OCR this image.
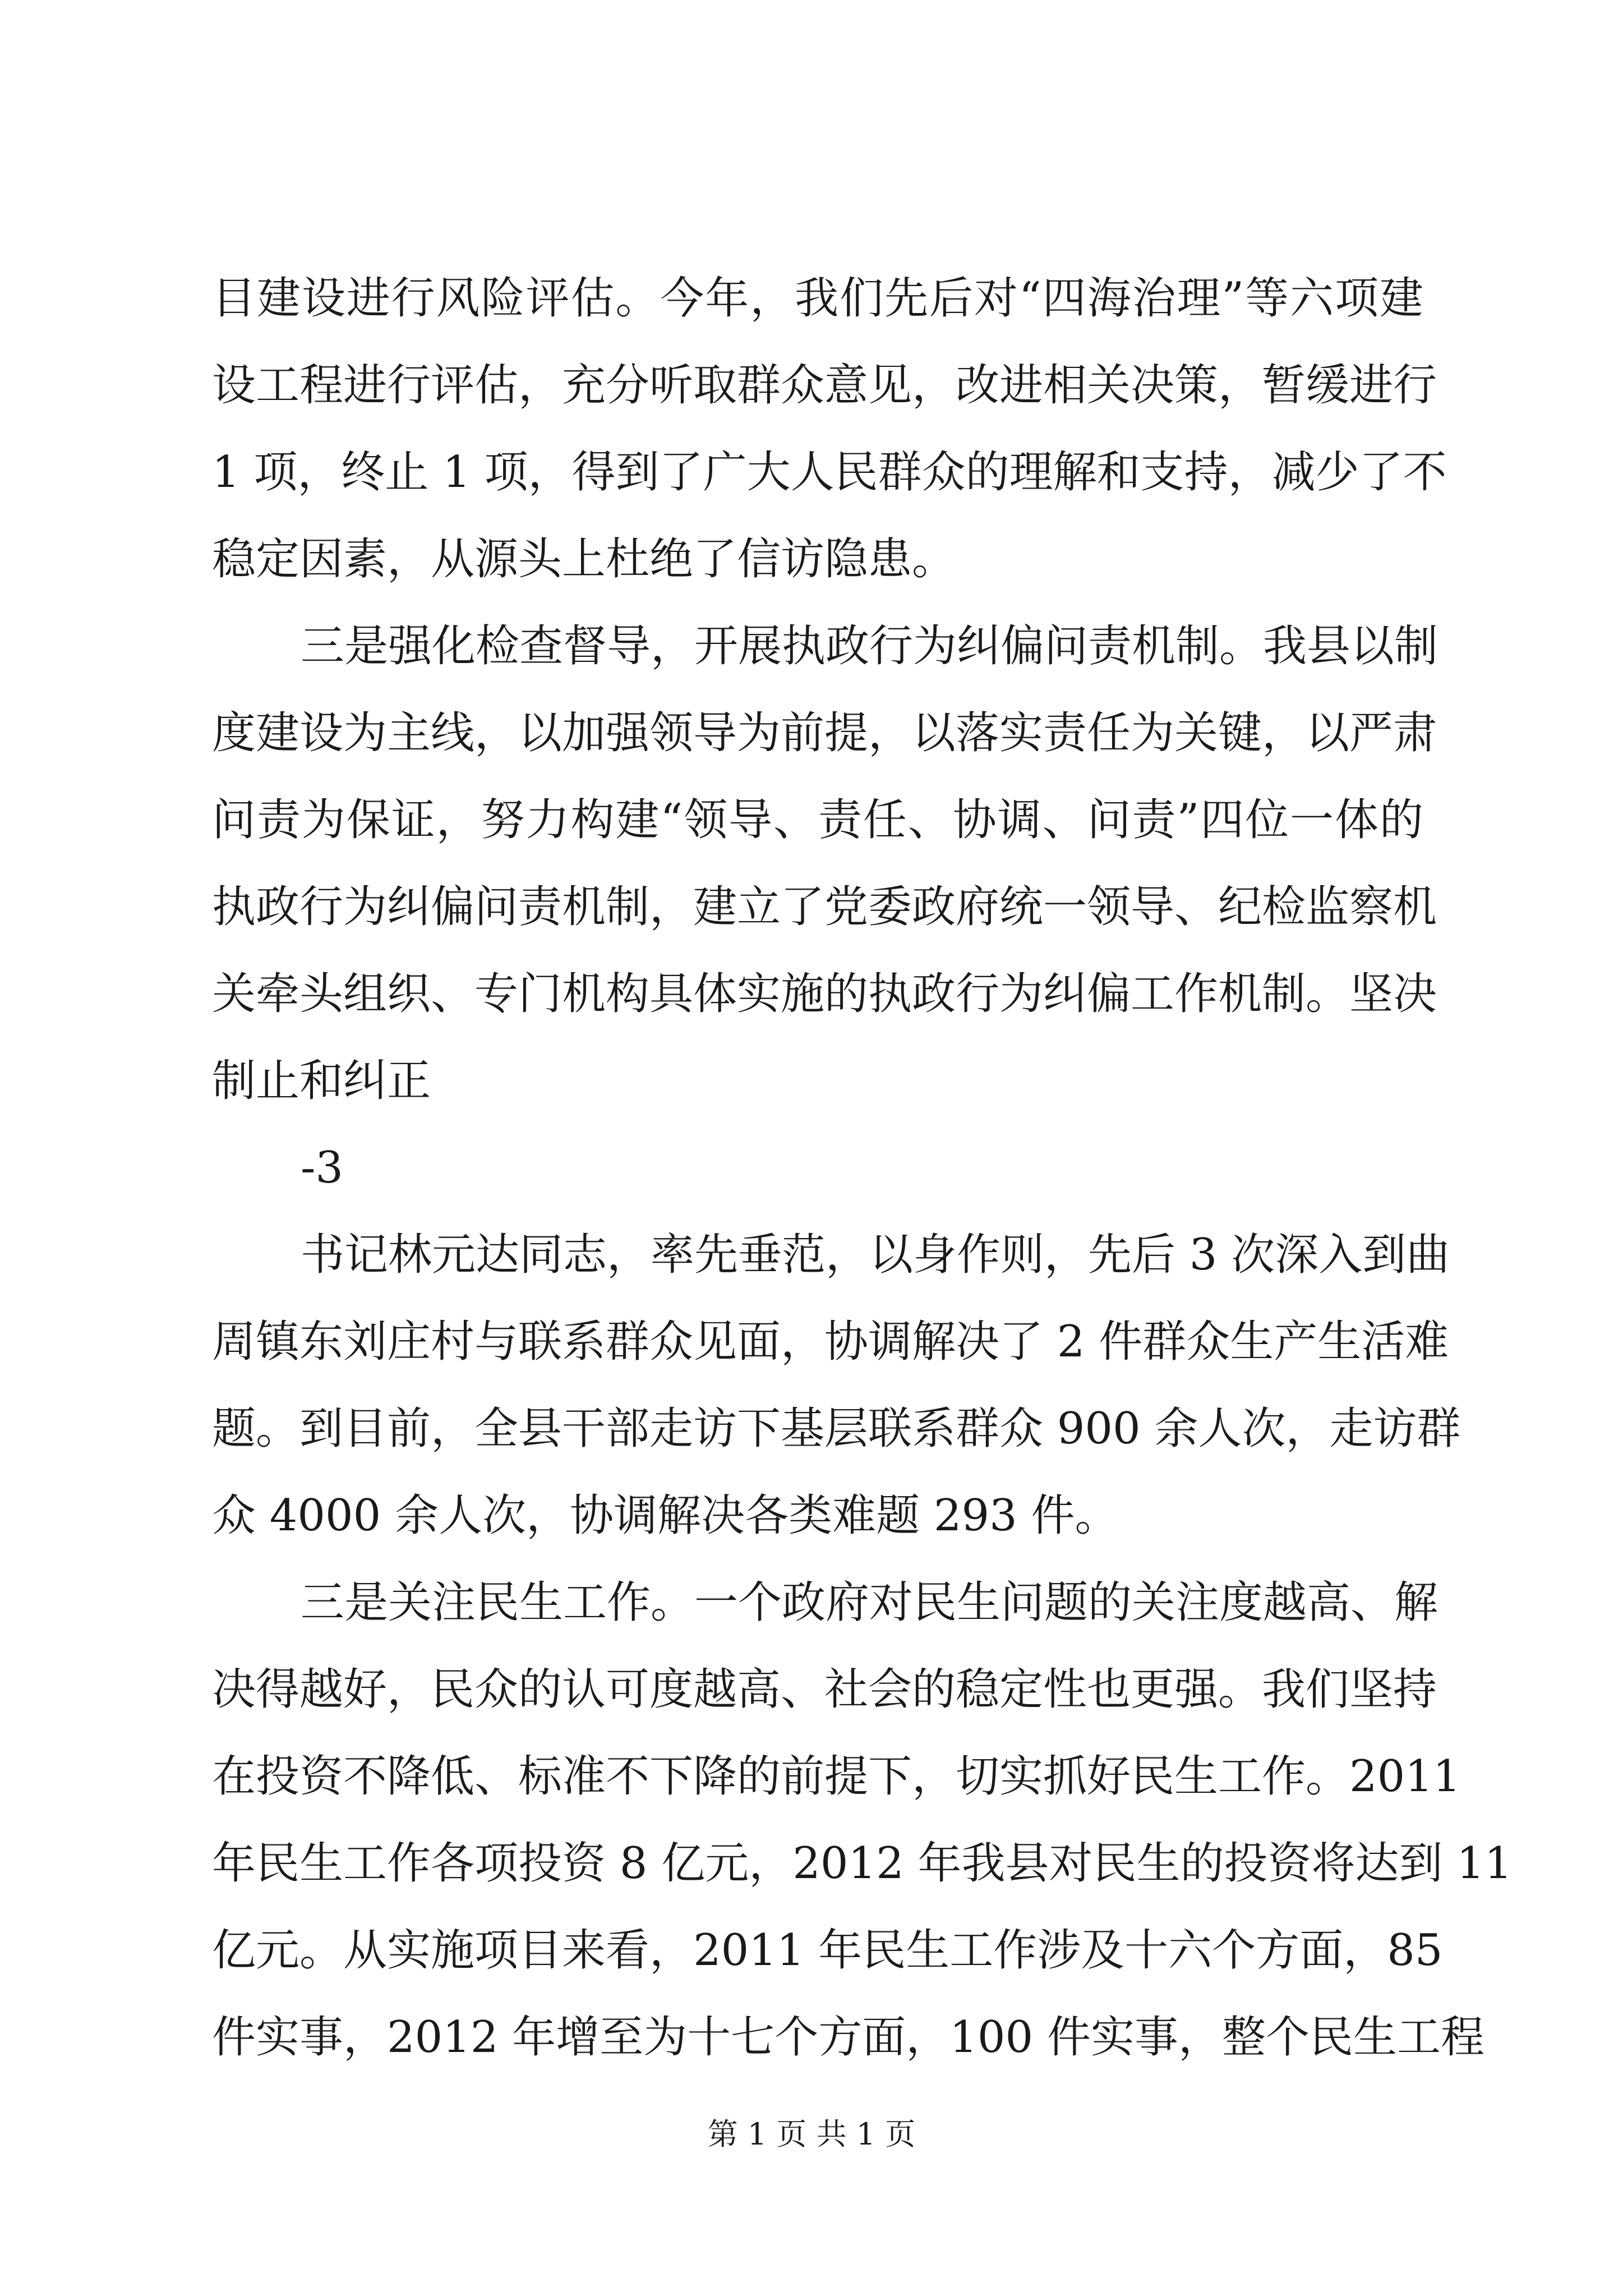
目建设进行风险评估。今年，我们先后对“四海治理”等六项建
设工程进行评估，充分听取群众意见，改进相关决策，暂缓进行
1 项，终止 1 项，得到了广大人民群众的理解和支持，减少了不
稳定因素，从源头上杜绝了信访隐患。
三是强化检查督导，开展执政行为纠偏问责机制。我县以制
度建设为主线，以加强领导为前提，以落实责任为关键，以严肃
问责为保证，努力构建“领导、责任、协调、问责”四位一体的
执政行为纠偏问责机制，建立了党委政府统一领导、纪检监察机
关牵头组织、专门机构具体实施的执政行为纠偏工作机制。坚决
制止和纠正
-3
书记林元达同志，率先垂范，以身作则，先后 3 次深入到曲
周镇东刘庄村与联系群众见面，协调解决了 2 件群众生产生活难
题。到目前，全县干部走访下基层联系群众 900 余人次，走访群
众 4000 余人次，协调解决各类难题 293 件。
三是关注民生工作。一个政府对民生问题的关注度越高、解
决得越好，民众的认可度越高、社会的稳定性也更强。我们坚持
在投资不降低、标准不下降的前提下，切实抓好民生工作。2011
年民生工作各项投资 8 亿元，2012 年我县对民生的投资将达到 11
亿元。从实施项目来看，2011 年民生工作涉及十六个方面，85
件实事，2012 年增至为十七个方面，100 件实事，整个民生工程
第 1 页 共 1 页
